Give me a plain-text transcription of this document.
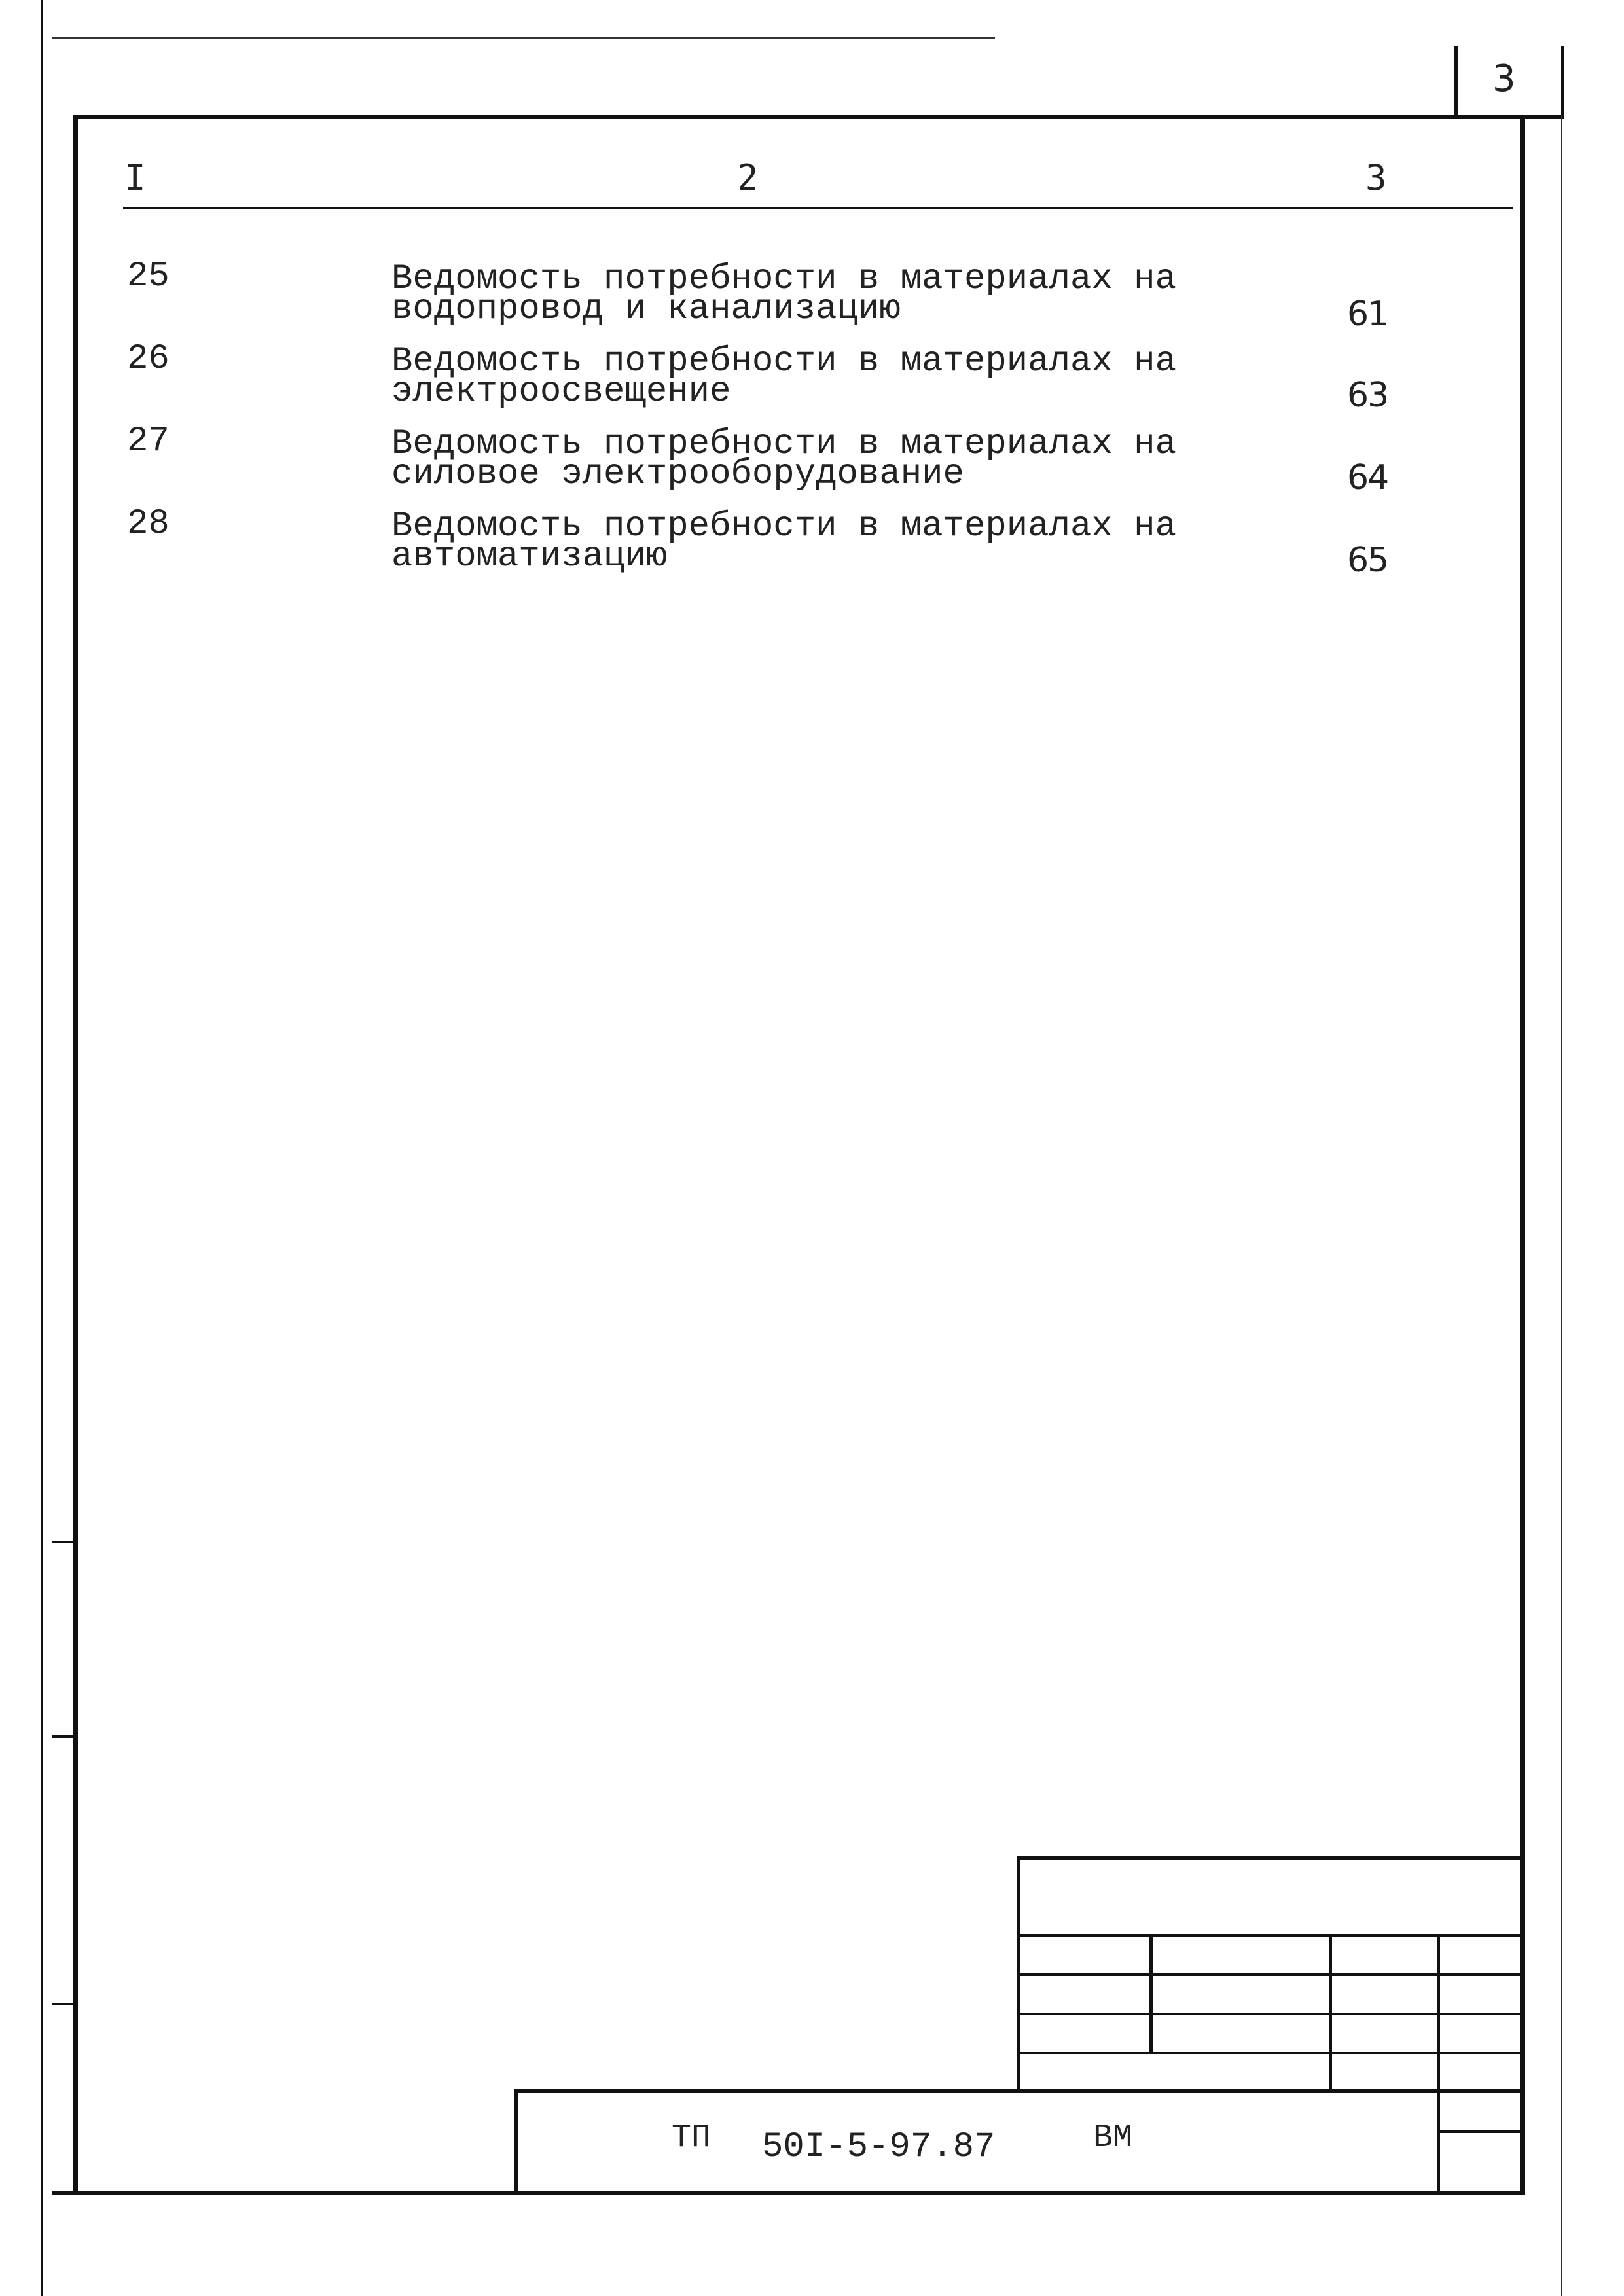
3
I	2	3
25	Ведомость потребности в материалах на
водопровод и канализацию	61
26	Ведомость потребности в материалах на
электроосвещение	63
27	Ведомость потребности в материалах на
силовое электрооборудование	64
28	Ведомость потребности в материалах на
автоматизацию	65
ТП 50I-5-97.87	ВМ
